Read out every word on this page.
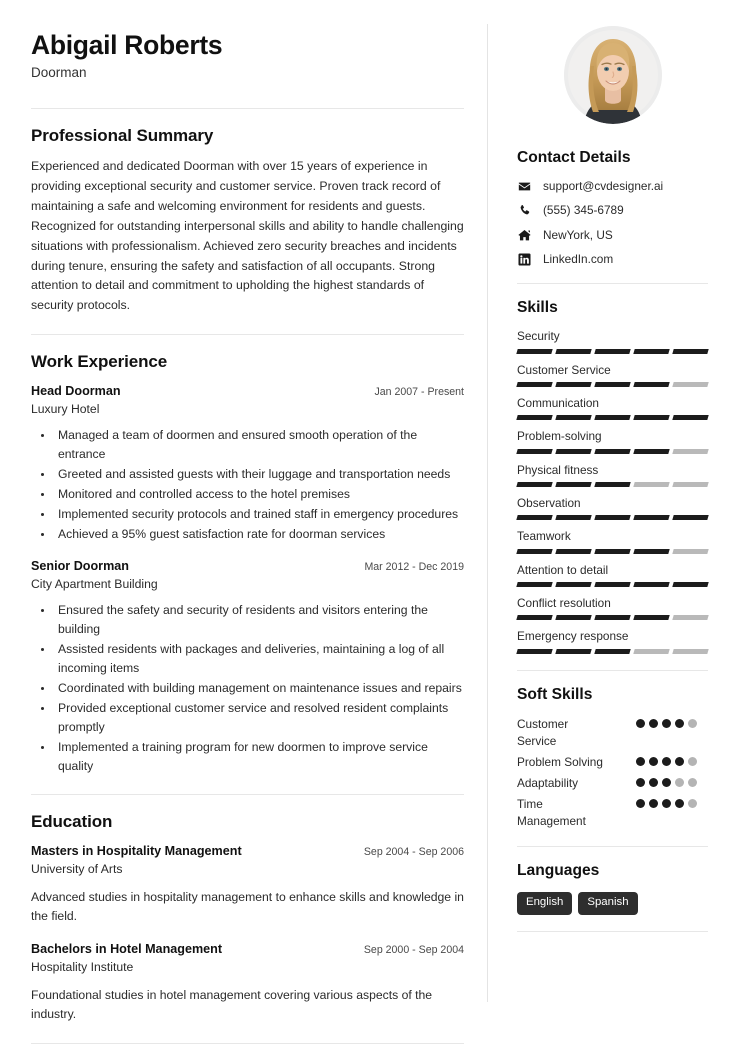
Abigail Roberts

Doorman

Professional Summary

Experienced and dedicated Doorman with over 15 years of experience in providing exceptional security and customer service. Proven track record of maintaining a safe and welcoming environment for residents and guests. Recognized for outstanding interpersonal skills and ability to handle challenging situations with professionalism. Achieved zero security breaches and incidents during tenure, ensuring the safety and satisfaction of all occupants. Strong attention to detail and commitment to upholding the highest standards of security protocols.

Work Experience
Head Doorman	Jan 2007 - Present
Luxury Hotel
• Managed a team of doormen and ensured smooth operation of the entrance
• Greeted and assisted guests with their luggage and transportation needs
• Monitored and controlled access to the hotel premises
• Implemented security protocols and trained staff in emergency procedures
• Achieved a 95% guest satisfaction rate for doorman services
Senior Doorman	Mar 2012 - Dec 2019
City Apartment Building
• Ensured the safety and security of residents and visitors entering the building
• Assisted residents with packages and deliveries, maintaining a log of all incoming items
• Coordinated with building management on maintenance issues and repairs
• Provided exceptional customer service and resolved resident complaints promptly
• Implemented a training program for new doormen to improve service quality
Education
Masters in Hospitality Management	Sep 2004 - Sep 2006
University of Arts
Advanced studies in hospitality management to enhance skills and knowledge in the field.
Bachelors in Hotel Management	Sep 2000 - Sep 2004
Hospitality Institute
Foundational studies in hotel management covering various aspects of the industry.
Contact Details
support@cvdesigner.ai
(555) 345-6789
NewYork, US
LinkedIn.com
Skills
Security
Customer Service
Communication
Problem-solving
Physical fitness
Observation
Teamwork
Attention to detail
Conflict resolution
Emergency response
Soft Skills
Customer Service
Problem Solving
Adaptability
Time Management
Languages
English	Spanish
